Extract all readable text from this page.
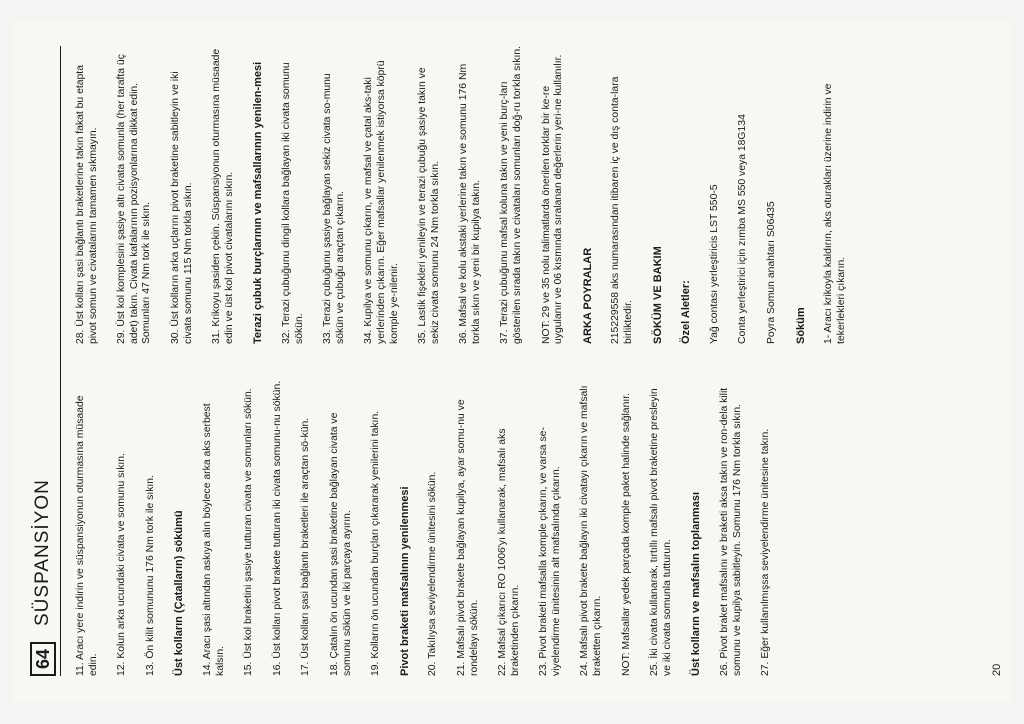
64
SÜSPANSİYON 11. Aracı yere indirin ve süspansiyonun oturmasına müsaade edin. 12. Kolun arka ucundaki civata ve somunu sıkın. 13. Ön kilit somununu 176 Nm tork ile sıkın. Üst kolların (Çatalların) sökümü 14. Aracı şasi altından askıya alın böylece arka aks serbest kalsın. 15. Üst kol braketini şasiye tutturan civata ve somunları sökün. 16. Üst kolları pivot brakete tutturan iki civata somunu-nu sökün. 17. Üst kolları şasi bağlantı braketleri ile araçtan sö-kün. 18. Çatalın ön ucundan şasi braketine bağlayan civata ve somunu sökün ve iki parçaya ayırın. 19. Kolların ön ucundan burçları çıkararak yenilerini takın. Pivot braketi mafsalının yenilenmesi 20. Takılıysa seviyelendirme ünitesini sökün. 21. Mafsalı pivot brakete bağlayan kupilya, ayar somu-nu ve rondelayı sökün. 22. Mafsal çıkarıcı RO 1006'yı kullanarak, mafsalı aks braketinden çıkarın. 23. Pivot braketi mafsalla komple çıkarın, ve varsa se-viyelendirme ünitesinin alt mafsalında çıkarın. 24. Mafsalı pivot brakete bağlayın iki civatayı çıkarın ve mafsalı braketten çıkarın. NOT: Mafsallar yedek parçada komple paket halinde sağlanır. 25. İki civata kullanarak, tırtıllı mafsalı pivot braketine presleyin ve iki civata somunla tutturun. Üst kolların ve mafsalın toplanması 26. Pivot braket mafsalını ve braketi aksa takın ve ron-dela kilit somunu ve kupilya sabitleyin. Somunu 176 Nm torkla sıkın. 27. Eğer kullanılmışsa seviyelendirme ünitesine takın.
28. Üst kolları şasi bağlantı braketlerine takın fakat bu etapta pivot somun ve civatalarını tamamen sıkmayın. 29. Üst kol komplesini şasiye altı civata somunla (her tarafta üç adet) takın. Civata kafalarının pozisyonlarına dikkat edin. Somunları 47 Nm tork ile sıkın. 30. Üst kolların arka uçlarını pivot braketine sabitleyin ve iki civata somunu 115 Nm torkla sıkın. 31. Krikoyu şasiden çekin. Süspansiyonun oturmasına müsaade edin ve üst kol pivot civatalarını sıkın. Terazi çubuk burçlarının ve mafsallarının yenilen-mesi 32. Terazi çubuğunu dingil kollara bağlayan iki civata somunu sökün. 33. Terazi çubuğunu şasiye bağlayan sekiz civata so-munu sökün ve çubuğu araçtan çıkarın. 34. Kupilya ve somunu çıkarın, ve mafsal ve çatal aks-taki yerlerinden çıkarın. Eğer mafsallar yenilenmek istiyorsa köprü komple ye-nilenir. 35. Lastik fişekleri yenileyin ve terazi çubuğu şasiye takın ve sekiz civata somunu 24 Nm torkla sıkın. 36. Mafsal ve kolu akstaki yerlerine takın ve somunu 176 Nm torkla sıkın ve yeni bir kupilya takın. 37. Terazi çubuğunu mafsal koluna takın ve yeni burç-ları gösterilen sırada takın ve civataları somunları doğ-ru torkla sıkın. NOT: 29 ve 35 nolu talimatlarda önerilen torklar bir ke-re uygulanır ve 06 kısmında sıralanan değerlerin yeri-ne kullanılır. ARKA POYRALAR 215229558 aks numarasından itibaren iç ve dış conta-lara birliktedir. SÖKÜM VE BAKIM Özel Aletler: Yağ contası yerleştiricis LST 550-5 Conta yerleştirici için zımba MS 550 veya 18G134 Poyra Somun anahtarı S06435 Söküm 1- Aracı krikoyla kaldırın, aks oturakları üzerine indirin ve tekerlekleri çıkarın.
20
